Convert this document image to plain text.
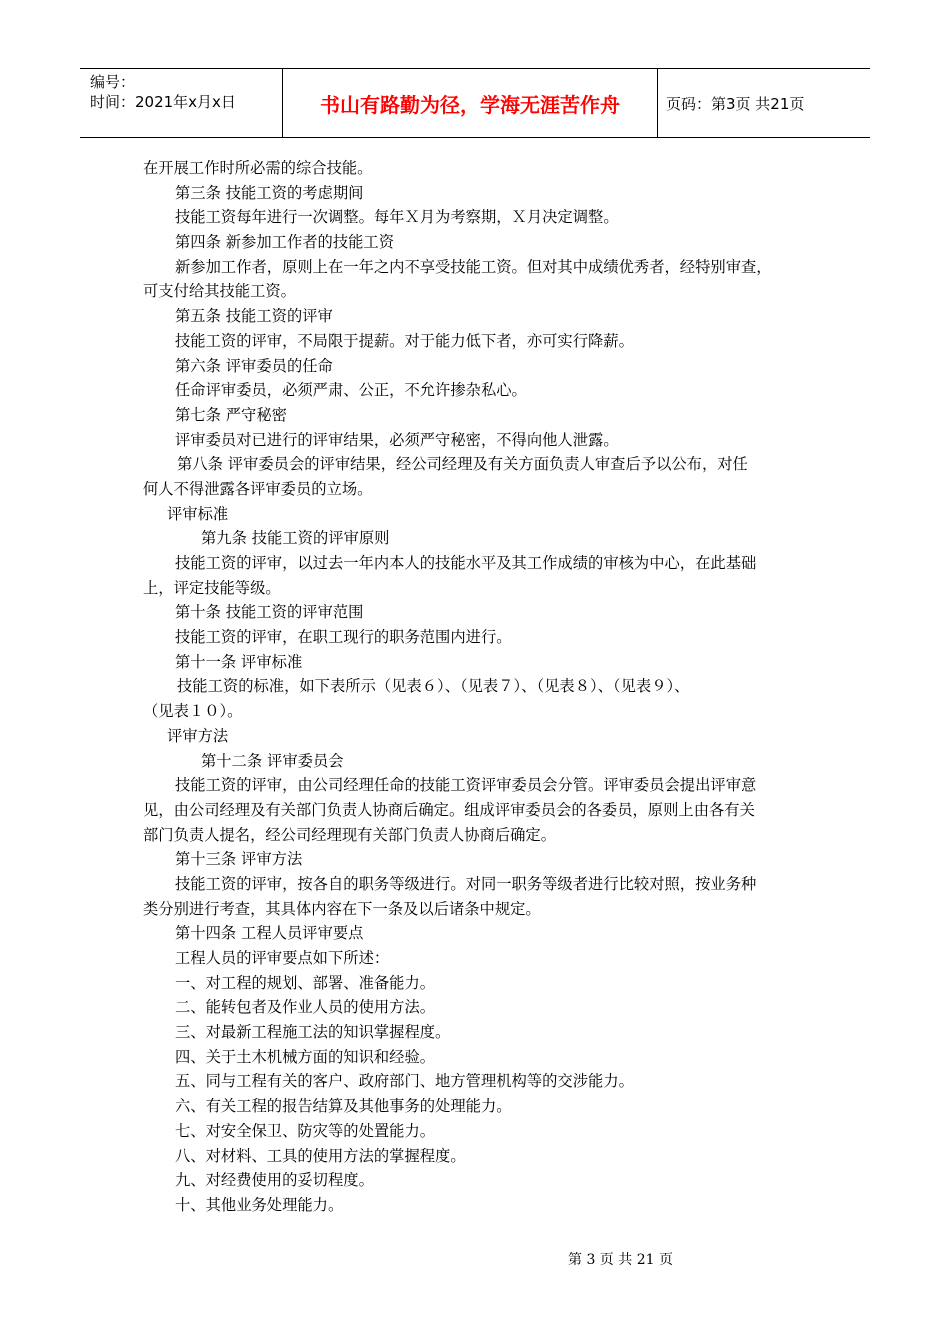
编号：
时间：2021年x月x日	书山有路勤为径，学海无涯苦作舟	页码：第3页 共21页
在开展工作时所必需的综合技能。
第三条 技能工资的考虑期间
技能工资每年进行一次调整。每年Ｘ月为考察期，Ｘ月决定调整。
第四条 新参加工作者的技能工资
新参加工作者，原则上在一年之内不享受技能工资。但对其中成绩优秀者，经特别审查，
可支付给其技能工资。
第五条 技能工资的评审
技能工资的评审，不局限于提薪。对于能力低下者，亦可实行降薪。
第六条 评审委员的任命
任命评审委员，必须严肃、公正，不允许掺杂私心。
第七条 严守秘密
评审委员对已进行的评审结果，必须严守秘密，不得向他人泄露。
第八条 评审委员会的评审结果，经公司经理及有关方面负责人审查后予以公布，对任
何人不得泄露各评审委员的立场。
评审标准
第九条 技能工资的评审原则
技能工资的评审，以过去一年内本人的技能水平及其工作成绩的审核为中心，在此基础
上，评定技能等级。
第十条 技能工资的评审范围
技能工资的评审，在职工现行的职务范围内进行。
第十一条 评审标准
技能工资的标准，如下表所示（见表６）、（见表７）、（见表８）、（见表９）、
（见表１０）。
评审方法
第十二条 评审委员会
技能工资的评审，由公司经理任命的技能工资评审委员会分管。评审委员会提出评审意
见，由公司经理及有关部门负责人协商后确定。组成评审委员会的各委员，原则上由各有关
部门负责人提名，经公司经理现有关部门负责人协商后确定。
第十三条 评审方法
技能工资的评审，按各自的职务等级进行。对同一职务等级者进行比较对照，按业务种
类分别进行考查，其具体内容在下一条及以后诸条中规定。
第十四条 工程人员评审要点
工程人员的评审要点如下所述：
一、对工程的规划、部署、准备能力。
二、能转包者及作业人员的使用方法。
三、对最新工程施工法的知识掌握程度。
四、关于土木机械方面的知识和经验。
五、同与工程有关的客户、政府部门、地方管理机构等的交涉能力。
六、有关工程的报告结算及其他事务的处理能力。
七、对安全保卫、防灾等的处置能力。
八、对材料、工具的使用方法的掌握程度。
九、对经费使用的妥切程度。
十、其他业务处理能力。
第 3 页 共 21 页
